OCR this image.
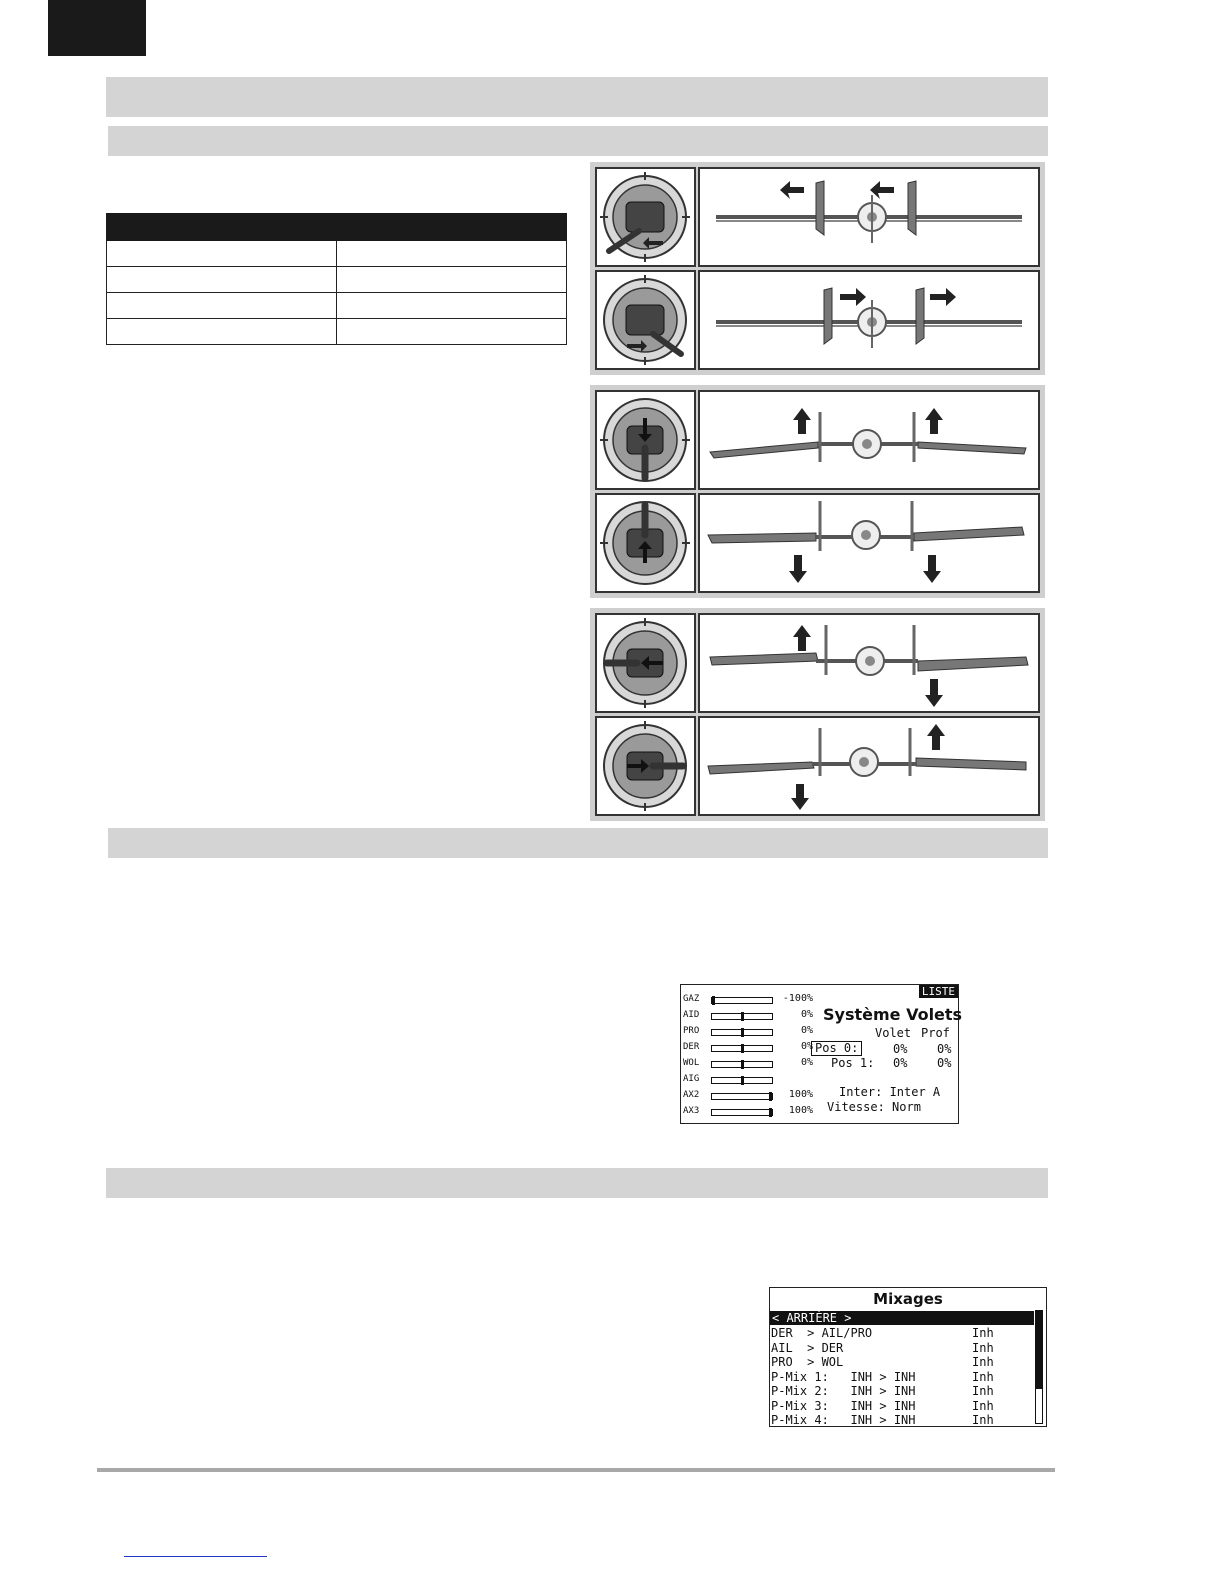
LISTE
GAZ	-100%
AID	0%
PRO	0%
DER	0%
WOL	0%
AIG
AX2	100%
AX3	100%
Système Volets
Volet Prof
Pos 0:	0% 0%
Pos 1: 0% 0%
Inter: Inter A
Vitesse: Norm
Mixages
< ARRIÈRE >
DER  > AIL/PRO	Inh
AIL  > DER	Inh
PRO  > WOL	Inh
P-Mix 1:   INH > INH	Inh
P-Mix 2:   INH > INH	Inh
P-Mix 3:   INH > INH	Inh
P-Mix 4:   INH > INH	Inh
